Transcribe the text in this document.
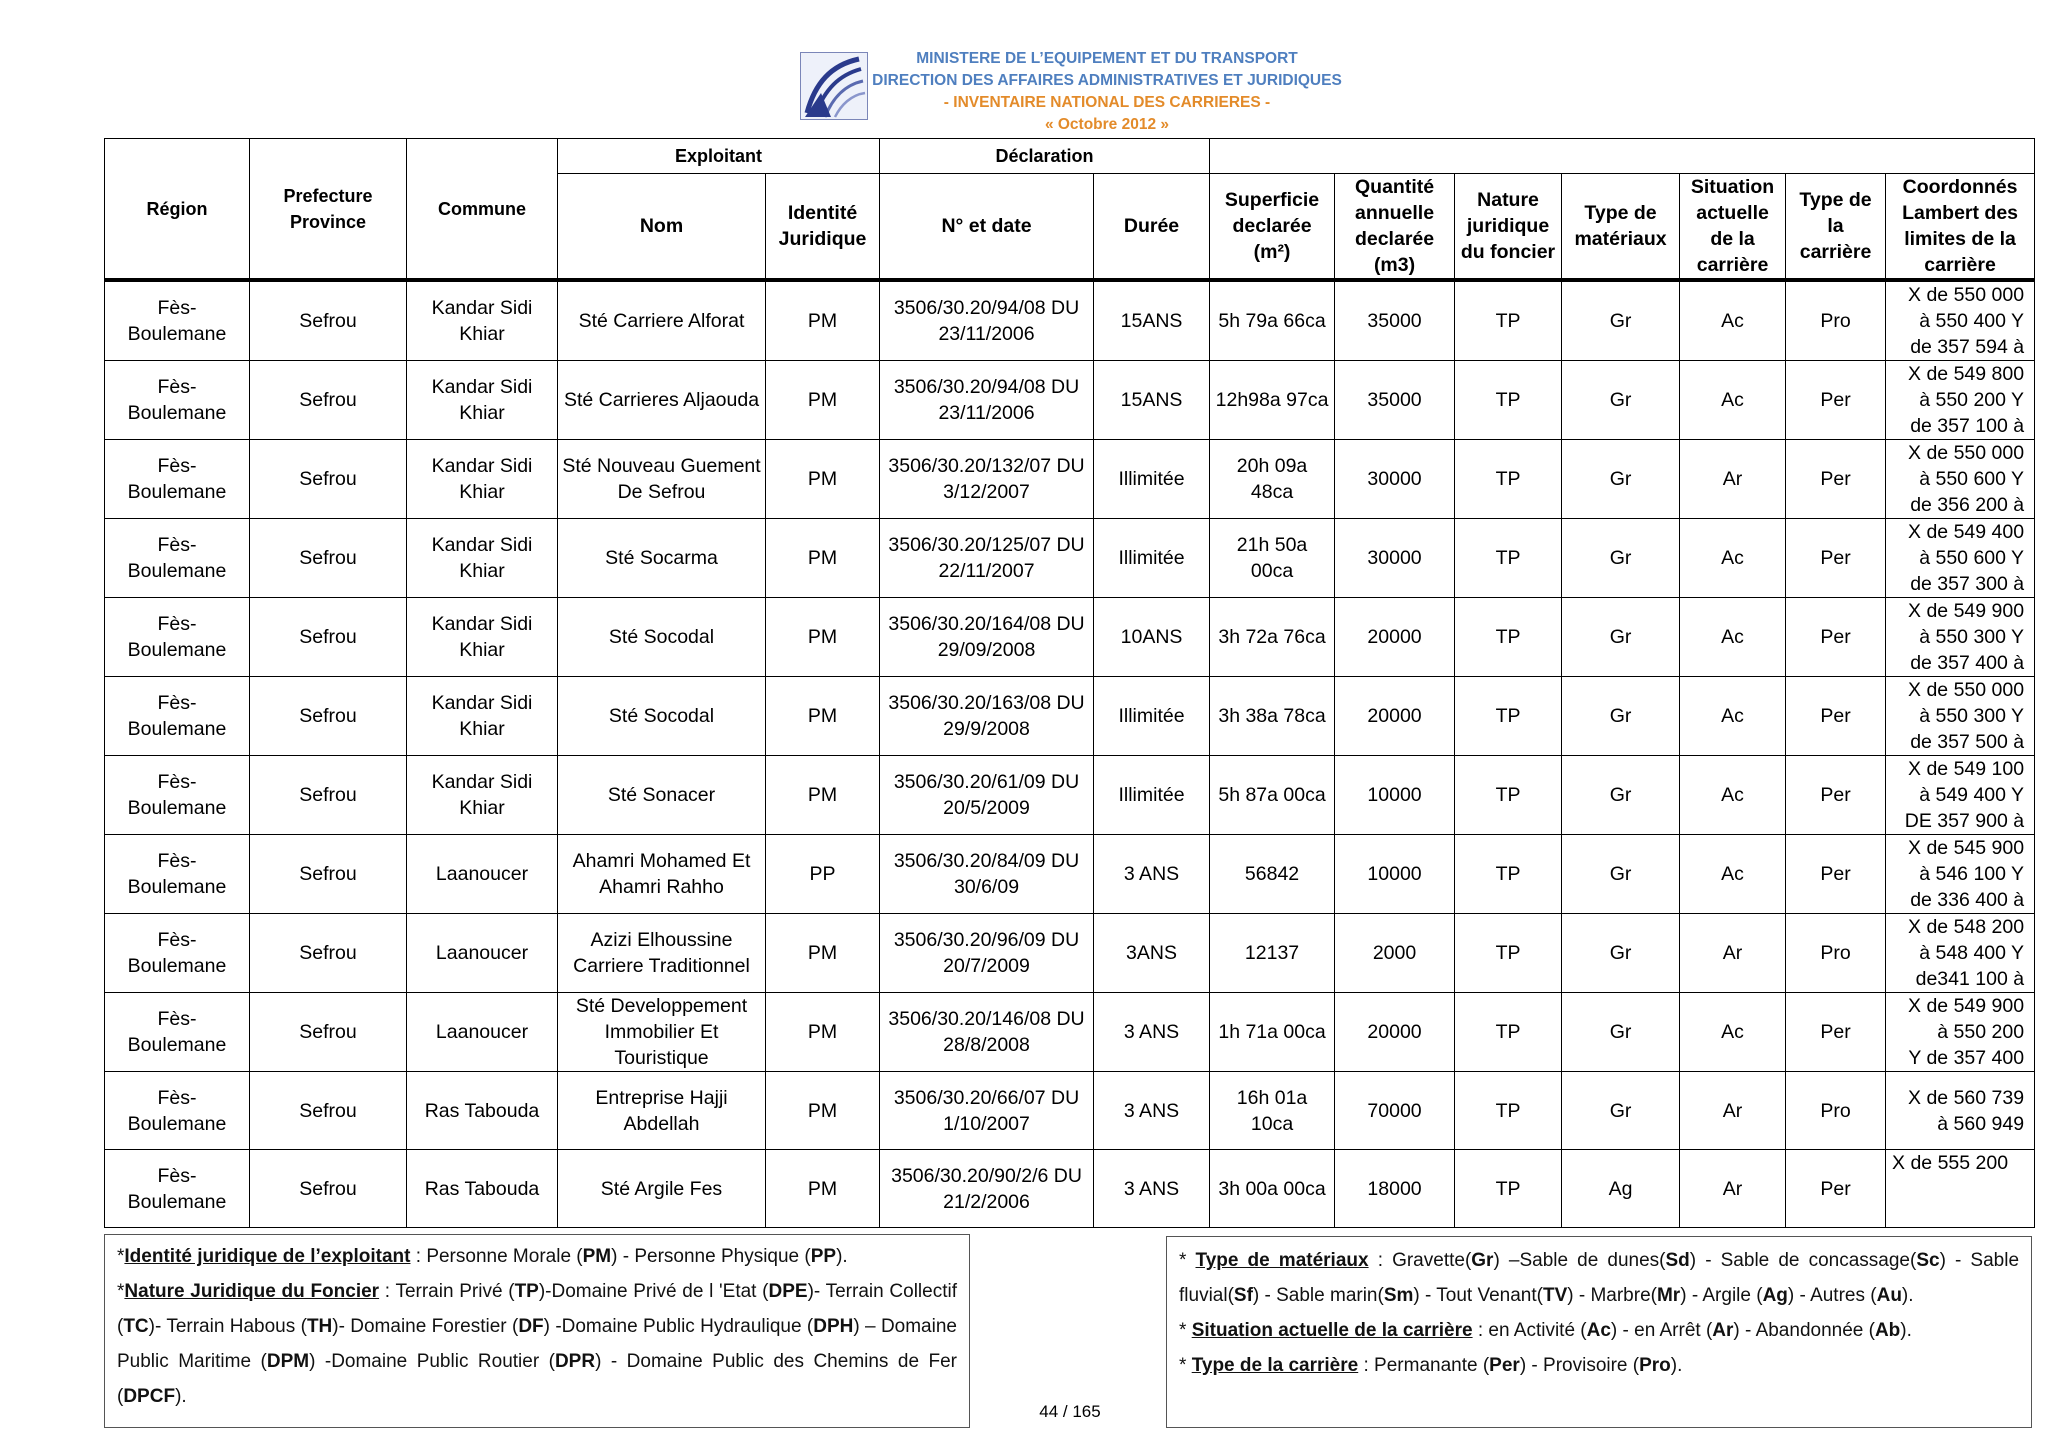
MINISTERE DE L’EQUIPEMENT ET DU TRANSPORT
DIRECTION DES AFFAIRES ADMINISTRATIVES ET JURIDIQUES
- INVENTAIRE NATIONAL DES CARRIERES -
« Octobre 2012 »
Région	Prefecture Province	Commune	Exploitant		Déclaration								
			Nom	Identité Juridique	N° et date	Durée	Superficie declarée (m²)	Quantité annuelle declarée (m3)	Nature juridique du foncier	Type de matériaux	Situation actuelle de la carrière	Type de la carrière	Coordonnés Lambert des limites de la carrière
Fès-Boulemane	Sefrou	Kandar Sidi Khiar	Sté Carriere Alforat	PM	3506/30.20/94/08 DU 23/11/2006	15ANS	5h 79a 66ca	35000	TP	Gr	Ac	Pro	X de 550 000
à 550 400 Y
de 357 594 à

Fès-Boulemane	Sefrou	Kandar Sidi Khiar	Sté Carrieres Aljaouda	PM	3506/30.20/94/08 DU 23/11/2006	15ANS	12h98a 97ca	35000	TP	Gr	Ac	Per	X de 549 800
à 550 200 Y
de 357 100 à

Fès-Boulemane	Sefrou	Kandar Sidi Khiar	Sté Nouveau Guement De Sefrou	PM	3506/30.20/132/07 DU 3/12/2007	Illimitée	20h 09a 48ca	30000	TP	Gr	Ar	Per	X de 550 000
à 550 600 Y
de 356 200 à

Fès-Boulemane	Sefrou	Kandar Sidi Khiar	Sté Socarma	PM	3506/30.20/125/07 DU 22/11/2007	Illimitée	21h 50a 00ca	30000	TP	Gr	Ac	Per	X de 549 400
à 550 600 Y
de 357 300 à

Fès-Boulemane	Sefrou	Kandar Sidi Khiar	Sté Socodal	PM	3506/30.20/164/08 DU 29/09/2008	10ANS	3h 72a 76ca	20000	TP	Gr	Ac	Per	X de 549 900
à 550 300 Y
de 357 400 à

Fès-Boulemane	Sefrou	Kandar Sidi Khiar	Sté Socodal	PM	3506/30.20/163/08 DU 29/9/2008	Illimitée	3h 38a 78ca	20000	TP	Gr	Ac	Per	X de 550 000
à 550 300 Y
de 357 500 à

Fès-Boulemane	Sefrou	Kandar Sidi Khiar	Sté Sonacer	PM	3506/30.20/61/09 DU 20/5/2009	Illimitée	5h 87a 00ca	10000	TP	Gr	Ac	Per	X de 549 100
à 549 400 Y
DE 357 900 à

Fès-Boulemane	Sefrou	Laanoucer	Ahamri Mohamed Et Ahamri Rahho	PP	3506/30.20/84/09 DU 30/6/09	3 ANS	56842	10000	TP	Gr	Ac	Per	X de 545 900
à 546 100 Y
de 336 400 à

Fès-Boulemane	Sefrou	Laanoucer	Azizi Elhoussine Carriere Traditionnel	PM	3506/30.20/96/09 DU 20/7/2009	3ANS	12137	2000	TP	Gr	Ar	Pro	X de 548 200
à 548 400 Y
de341 100 à

Fès-Boulemane	Sefrou	Laanoucer	Sté Developpement Immobilier Et Touristique	PM	3506/30.20/146/08 DU 28/8/2008	3 ANS	1h 71a 00ca	20000	TP	Gr	Ac	Per	X de 549 900
à 550 200
Y de 357 400

Fès-Boulemane	Sefrou	Ras Tabouda	Entreprise Hajji Abdellah	PM	3506/30.20/66/07 DU 1/10/2007	3 ANS	16h 01a 10ca	70000	TP	Gr	Ar	Pro	X de 560 739
à 560 949

Fès-Boulemane	Sefrou	Ras Tabouda	Sté Argile Fes	PM	3506/30.20/90/2/6 DU 21/2/2006	3 ANS	3h 00a 00ca	18000	TP	Ag	Ar	Per	X de 555 200
*Identité juridique de l’exploitant : Personne Morale (PM) - Personne Physique (PP).
*Nature Juridique du Foncier : Terrain Privé (TP)-Domaine Privé de l 'Etat (DPE)- Terrain Collectif (TC)- Terrain Habous (TH)- Domaine Forestier (DF) -Domaine Public Hydraulique (DPH) – Domaine Public Maritime (DPM) -Domaine Public Routier (DPR) - Domaine Public des Chemins de Fer (DPCF).
* Type de matériaux : Gravette(Gr) –Sable de dunes(Sd) - Sable de concassage(Sc) - Sable fluvial(Sf) - Sable marin(Sm) - Tout Venant(TV) - Marbre(Mr) - Argile (Ag) - Autres (Au).
* Situation actuelle de la carrière : en Activité (Ac) - en Arrêt (Ar) - Abandonnée (Ab).
* Type de la carrière : Permanante (Per) - Provisoire (Pro).
44 / 165
